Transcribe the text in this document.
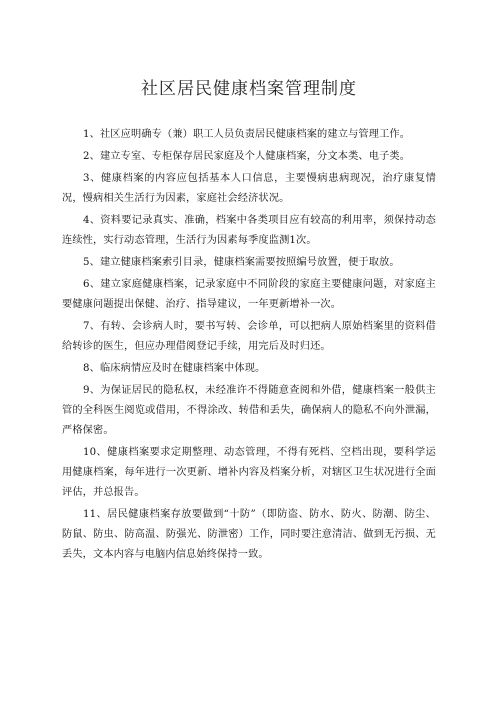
社区居民健康档案管理制度

1、社区应明确专（兼）职工人员负责居民健康档案的建立与管理工作。

2、建立专室、专柜保存居民家庭及个人健康档案，分文本类、电子类。

3、健康档案的内容应包括基本人口信息，主要慢病患病现况，治疗康复情况，慢病相关生活行为因素，家庭社会经济状况。

4、资料要记录真实、准确，档案中各类项目应有较高的利用率，须保持动态连续性，实行动态管理，生活行为因素每季度监测1次。

5、建立健康档案索引目录，健康档案需要按照编号放置，便于取放。

6、建立家庭健康档案，记录家庭中不同阶段的家庭主要健康问题，对家庭主要健康问题提出保健、治疗、指导建议，一年更新增补一次。

7、有转、会诊病人时，要书写转、会诊单，可以把病人原始档案里的资料借给转诊的医生，但应办理借阅登记手续，用完后及时归还。

8、临床病情应及时在健康档案中体现。

9、为保证居民的隐私权，未经准许不得随意查阅和外借，健康档案一般供主管的全科医生阅览或借用，不得涂改、转借和丢失，确保病人的隐私不向外泄漏，严格保密。

10、健康档案要求定期整理、动态管理，不得有死档、空档出现，要科学运用健康档案，每年进行一次更新、增补内容及档案分析，对辖区卫生状况进行全面评估，并总报告。

11、居民健康档案存放要做到“十防”（即防盗、防水、防火、防潮、防尘、防鼠、防虫、防高温、防强光、防泄密）工作，同时要注意清洁、做到无污损、无丢失，文本内容与电脑内信息始终保持一致。
